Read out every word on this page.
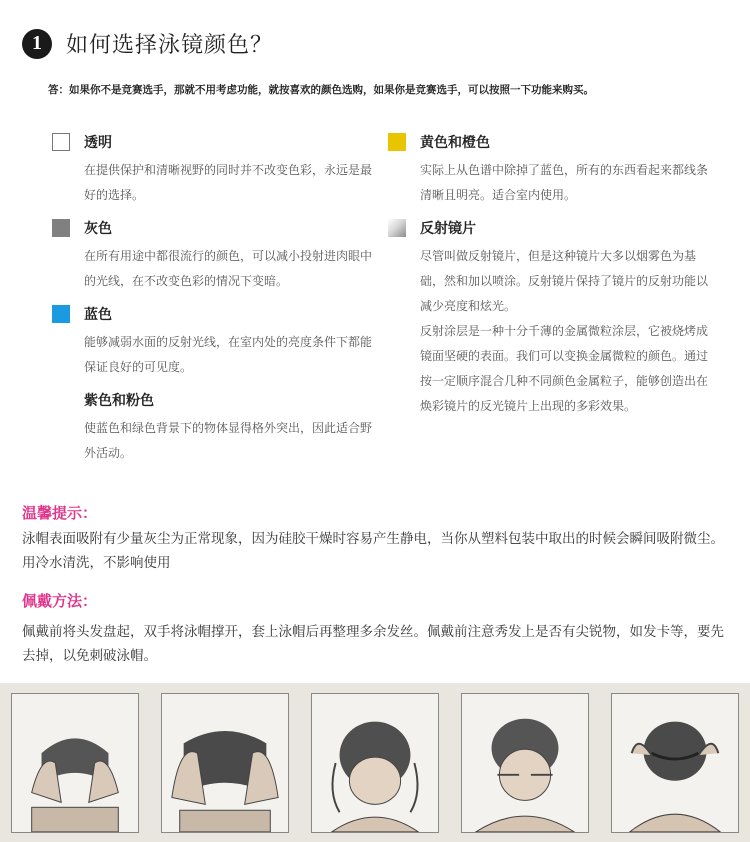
1	如何选择泳镜颜色？
答：如果你不是竞赛选手，那就不用考虑功能，就按喜欢的颜色选购，如果你是竞赛选手，可以按照一下功能来购买。
透明
在提供保护和清晰视野的同时并不改变色彩，永远是最好的选择。
灰色
在所有用途中都很流行的颜色，可以减小投射进肉眼中的光线，在不改变色彩的情况下变暗。
蓝色
能够减弱水面的反射光线，在室内处的亮度条件下都能保证良好的可见度。
紫色和粉色
使蓝色和绿色背景下的物体显得格外突出，因此适合野外活动。
黄色和橙色
实际上从色谱中除掉了蓝色，所有的东西看起来都线条清晰且明亮。适合室内使用。
反射镜片
尽管叫做反射镜片，但是这种镜片大多以烟雾色为基础，然和加以喷涂。反射镜片保持了镜片的反射功能以减少亮度和炫光。
反射涂层是一种十分千薄的金属微粒涂层，它被烧烤成镜面坚硬的表面。我们可以变换金属微粒的颜色。通过按一定顺序混合几种不同颜色金属粒子，能够创造出在焕彩镜片的反光镜片上出现的多彩效果。
温馨提示：
泳帽表面吸附有少量灰尘为正常现象，因为硅胶干燥时容易产生静电，当你从塑料包装中取出的时候会瞬间吸附微尘。用冷水清洗，不影响使用
佩戴方法：
佩戴前将头发盘起，双手将泳帽撑开，套上泳帽后再整理多余发丝。佩戴前注意秀发上是否有尖锐物，如发卡等，要先去掉，以免刺破泳帽。
